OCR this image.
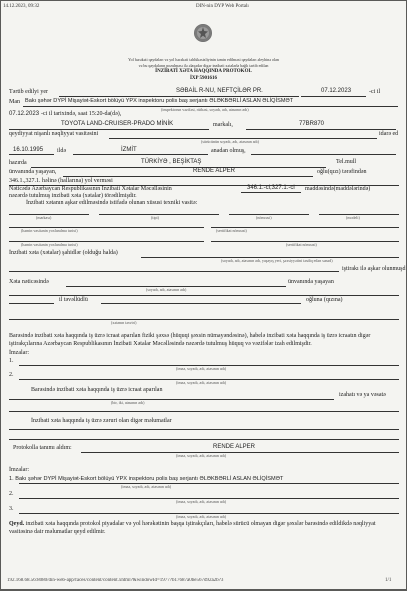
14.12.2023, 09:32	DIN-nin DYP Web Portalı
Yol hərəkəti qaydaları və yol hərəkəti təhlükəsizliyinin təmin edilməsi qaydaları əleyhinə olan
və bu qaydaların pozulması ilə əlaqədar digər inzibati xətalarla bağlı tərtib edilən
İNZİBATİ XƏTA HAQQINDA PROTOKOL
İXP 5901616
Tərtib edilyi yer	SƏBAİL R-NU, NEFTÇİLƏR PR.	07.12.2023	-ci il
Man Bakı şəhər DYPİ Mişayiət-Eskort bölüyü YPX inspektoru polis baş serjantı ƏLƏKBƏRLİ ASLAN ƏLİQİSMƏT
(inspektorun vəzifəsi, rütbəsi, soyadı, adı, atasının adı)
07.12.2023 -ci il tarixində, saat 15:20-da(də),
TOYOTA LAND-CRUISER-PRADO MİNİK	markalı,	77BR870
qeydiyyat nişanlı nəqliyyat vasitəsini	idarə ed
(sürücünün soyadı, adı, atasının adı)
16.10.1995 ildə	İZMİT	anadan olmuş,
hazırda	TÜRKİYƏ , BEŞİKTAŞ	Tel.mull
ünvanında yaşayan,	RENDE ALPER	oğlu(qızı) tərəfindən
346.1.,327.1. həlinə (hallarına) yol verməsi
Nəticədə Azərbaycan Respublikasının İnzibati Xətalar Məcəlləsinin	346.1.-ci,327.1.-ci maddəsində(maddələrində)
nəzərdə tutulmuş inzibati xəta (xətalar) törədilmişdir.
İnzibati xətanın aşkar edilməsində istifadə olunan xüsusi texniki vasitə:
(markası)	(tipi)	(nömrəsi)	(modeli)
(həmin vasitənin yoxlanılma tarixi)	(sertifikat nömrəsi)
(həmin vasitənin yoxlanılma tarixi)	(sertifikat nömrəsi)
İnzibati xəta (xətalar) şahidlər (olduğu halda)
(soyadı, adı, atasının adı, yaşayış yeri, şəxsiyyətini təsdiq edən sənəd)
iştirakı ilə aşkar olunmuşd
Xəta nəticəsində	ünvanında yaşayan
(soyadı, adı, atasının adı)
il təvəllüdlü	oğluna (qızına)
(xətanın təsviri)
Barəsində inzibati xəta haqqında iş üzrə icraat aparılan fiziki şəxsə (hüquqi şəxsin nümayəndəsinə), habelə inzibati xəta haqqında iş üzrə icraatın digər iştirakçılarına Azərbaycan Respublikasının İnzibati Xətalar Məcəlləsində nəzərdə tutulmuş hüquq və vəzifələr izah edilmişdir.
İmzalar:
1.
(imza, soyadı, adı, atasının adı)
2.
(imza, soyadı, adı, atasının adı)
Barəsində inzibati xəta haqqında iş üzrə icraat aparılan
izahatı və ya vəsatə
(bir, iki, atasının adı)
İnzibati xəta haqqında iş üzrə zəruri olan digər məlumatlar
Protokolla tanımı aldım:	RENDE ALPER
(imza, soyadı, adı, atasının adı)
İmzalar:
1. Bakı şəhər DYPİ Mişayiət-Eskort bölüyü YPX inspektoru polis baş serjantı ƏLƏKBƏRLİ ASLAN ƏLİQİSMƏT
(imza, soyadı, adı, atasının adı)
2.
(imza, soyadı, adı, atasının adı)
3.
(imza, soyadı, adı, atasının adı)
Qeyd. inzibati xəta haqqında protokol piyadalar və yol hərəkətinin başqa iştirakçıları, habelə sürücü olmayan digər şəxslər barəsində edildikdə nəqliyyat vasitəsinə dair məlumatlar qeyd edilmir.
192.168.68.56:8080/din-web-app/faces/content/content.xhtml?&windowId=1977?b17687a0be567d92a2b?3	1/1
